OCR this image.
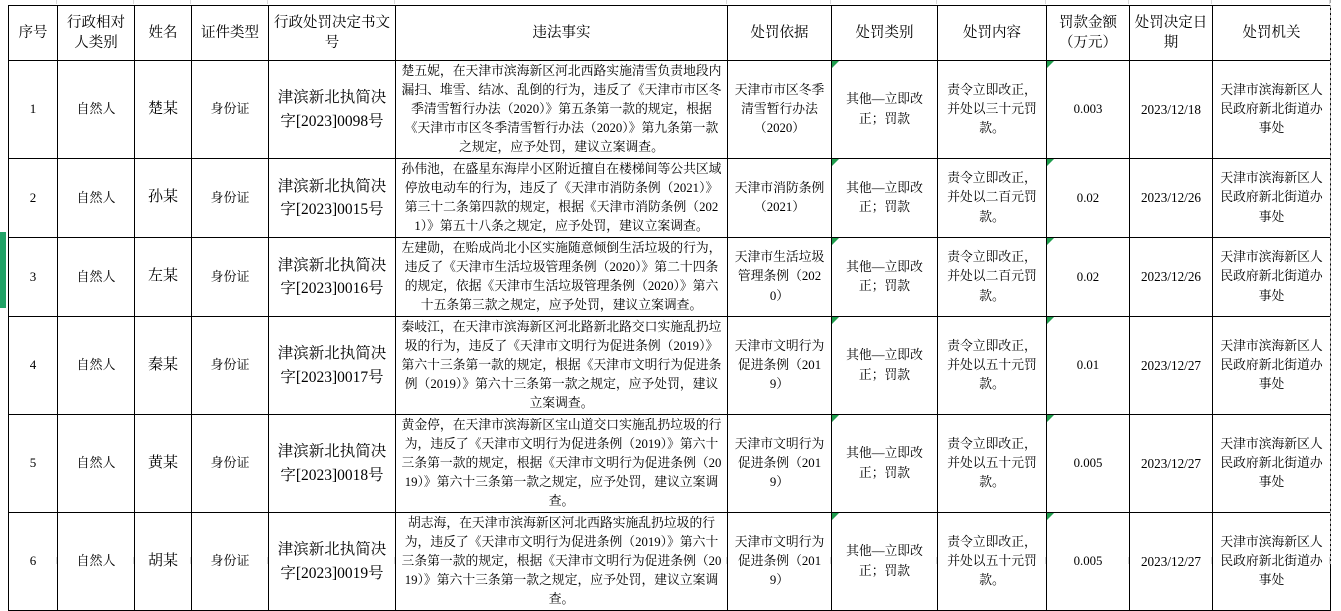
序号	行政相对人类别	姓名	证件类型	行政处罚决定书文号	违法事实	处罚依据	处罚类别	处罚内容	罚款金额（万元）	处罚决定日期	处罚机关
1	自然人	楚某	身份证	津滨新北执简决字[2023]0098号	楚五妮，在天津市滨海新区河北西路实施清雪负责地段内漏扫、堆雪、结冰、乱倒的行为，违反了《天津市市区冬季清雪暂行办法（2020）》第五条第一款的规定，根据《天津市市区冬季清雪暂行办法（2020）》第九条第一款之规定，应予处罚，建议立案调查。	天津市市区冬季清雪暂行办法（2020）	其他—立即改正；罚款	责令立即改正，并处以三十元罚款。	0.003	2023/12/18	天津市滨海新区人民政府新北街道办事处
2	自然人	孙某	身份证	津滨新北执简决字[2023]0015号	孙伟池，在盛星东海岸小区附近擅自在楼梯间等公共区域停放电动车的行为，违反了《天津市消防条例（2021）》第三十二条第四款的规定，根据《天津市消防条例（2021）》第五十八条之规定，应予处罚，建议立案调查。	天津市消防条例（2021）	其他—立即改正；罚款	责令立即改正，并处以二百元罚款。	0.02	2023/12/26	天津市滨海新区人民政府新北街道办事处
3	自然人	左某	身份证	津滨新北执简决字[2023]0016号	左建勋，在贻成尚北小区实施随意倾倒生活垃圾的行为，违反了《天津市生活垃圾管理条例（2020）》第二十四条的规定，依据《天津市生活垃圾管理条例（2020）》第六十五条第三款之规定，应予处罚，建议立案调查。	天津市生活垃圾管理条例（2020）	其他—立即改正；罚款	责令立即改正，并处以二百元罚款。	0.02	2023/12/26	天津市滨海新区人民政府新北街道办事处
4	自然人	秦某	身份证	津滨新北执简决字[2023]0017号	秦岐江，在天津市滨海新区河北路新北路交口实施乱扔垃圾的行为，违反了《天津市文明行为促进条例（2019）》第六十三条第一款的规定，根据《天津市文明行为促进条例（2019）》第六十三条第一款之规定，应予处罚，建议立案调查。	天津市文明行为促进条例（2019）	其他—立即改正；罚款	责令立即改正，并处以五十元罚款。	0.01	2023/12/27	天津市滨海新区人民政府新北街道办事处
5	自然人	黄某	身份证	津滨新北执简决字[2023]0018号	黄金停，在天津市滨海新区宝山道交口实施乱扔垃圾的行为，违反了《天津市文明行为促进条例（2019）》第六十三条第一款的规定，根据《天津市文明行为促进条例（2019）》第六十三条第一款之规定，应予处罚，建议立案调查。	天津市文明行为促进条例（2019）	其他—立即改正；罚款	责令立即改正，并处以五十元罚款。	0.005	2023/12/27	天津市滨海新区人民政府新北街道办事处
6	自然人	胡某	身份证	津滨新北执简决字[2023]0019号	胡志海，在天津市滨海新区河北西路实施乱扔垃圾的行为，违反了《天津市文明行为促进条例（2019）》第六十三条第一款的规定，根据《天津市文明行为促进条例（2019）》第六十三条第一款之规定，应予处罚，建议立案调查。	天津市文明行为促进条例（2019）	其他—立即改正；罚款	责令立即改正，并处以五十元罚款。	0.005	2023/12/27	天津市滨海新区人民政府新北街道办事处
